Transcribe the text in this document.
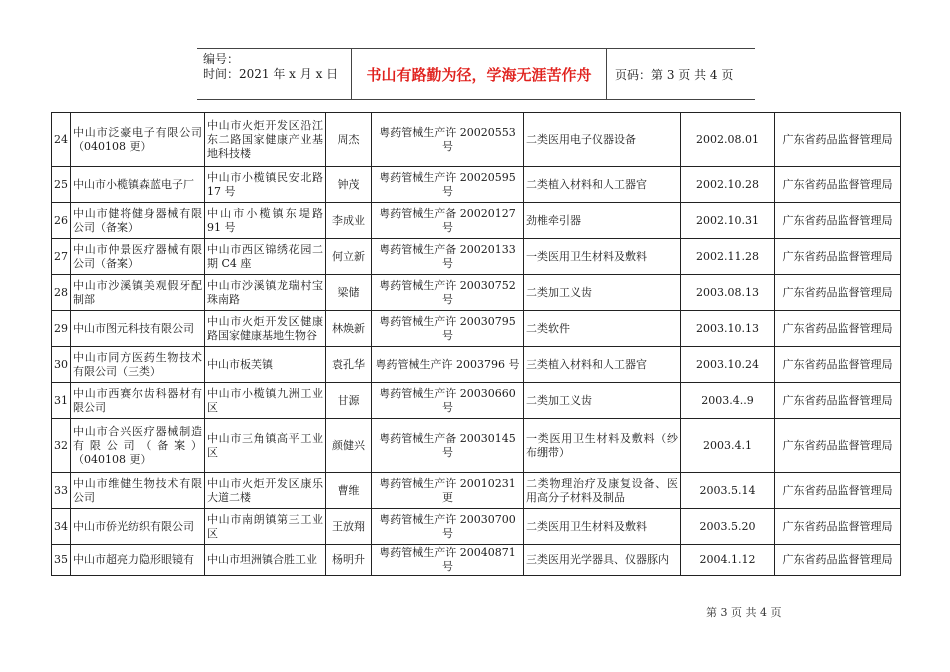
编号：
时间：2021 年 x 月 x 日	书山有路勤为径，学海无涯苦作舟	页码：第 3 页 共 4 页
24	中山市泛豪电子有限公司（040108 更）	中山市火炬开发区沿江东二路国家健康产业基地科技楼	周杰	粤药管械生产许 20020553 号	二类医用电子仪器设备	2002.08.01	广东省药品监督管理局
25	中山市小榄镇森蓝电子厂	中山市小榄镇民安北路 17 号	钟茂	粤药管械生产许 20020595 号	二类植入材料和人工器官	2002.10.28	广东省药品监督管理局
26	中山市健将健身器械有限公司（备案）	中山市小榄镇东堤路 91 号	李成业	粤药管械生产备 20020127 号	劲椎牵引器	2002.10.31	广东省药品监督管理局
27	中山市仲景医疗器械有限公司（备案）	中山市西区锦绣花园二期 C4 座	何立新	粤药管械生产备 20020133 号	一类医用卫生材料及敷料	2002.11.28	广东省药品监督管理局
28	中山市沙溪镇美观假牙配制部	中山市沙溪镇龙瑞村宝珠南路	梁储	粤药管械生产许 20030752 号	二类加工义齿	2003.08.13	广东省药品监督管理局
29	中山市图元科技有限公司	中山市火炬开发区健康路国家健康基地生物谷	林焕新	粤药管械生产许 20030795 号	二类软件	2003.10.13	广东省药品监督管理局
30	中山市同方医药生物技术有限公司（三类）	中山市板芙镇	袁孔华	粤药管械生产许 2003796 号	三类植入材料和人工器官	2003.10.24	广东省药品监督管理局
31	中山市西赛尔齿科器材有限公司	中山市小榄镇九洲工业区	甘源	粤药管械生产许 20030660 号	二类加工义齿	2003.4..9	广东省药品监督管理局
32	中山市合兴医疗器械制造有限公司（备案）（040108 更）	中山市三角镇高平工业区	颜健兴	粤药管械生产备 20030145 号	一类医用卫生材料及敷料（纱布绷带）	2003.4.1	广东省药品监督管理局
33	中山市维健生物技术有限公司	中山市火炬开发区康乐大道二楼	曹维	粤药管械生产许 20010231 更	二类物理治疗及康复设备、医用高分子材料及制品	2003.5.14	广东省药品监督管理局
34	中山市侨光纺织有限公司	中山市南朗镇第三工业区	王放翔	粤药管械生产许 20030700 号	二类医用卫生材料及敷料	2003.5.20	广东省药品监督管理局
35	中山市超亮力隐形眼镜有	中山市坦洲镇合胜工业	杨明升	粤药管械生产许 20040871 号	三类医用光学器具、仪器豚内	2004.1.12	广东省药品监督管理局
第 3 页 共 4 页
